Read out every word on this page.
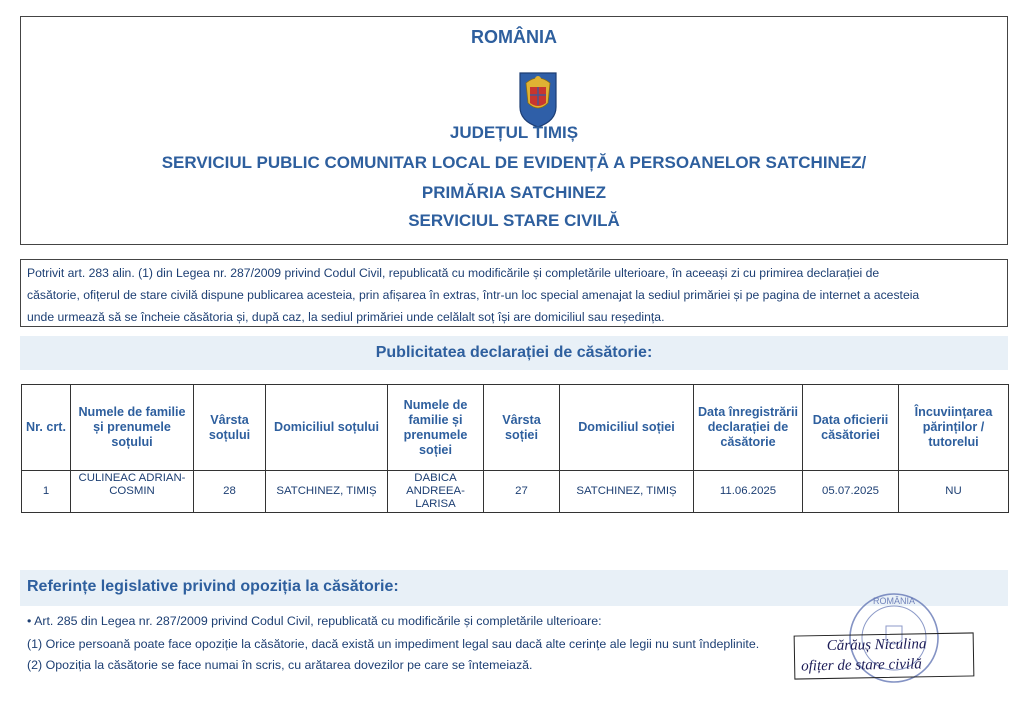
ROMÂNIA
JUDEȚUL TIMIȘ
SERVICIUL PUBLIC COMUNITAR LOCAL DE EVIDENȚĂ A PERSOANELOR SATCHINEZ/
PRIMĂRIA SATCHINEZ
SERVICIUL STARE CIVILĂ
Potrivit art. 283 alin. (1) din Legea nr. 287/2009 privind Codul Civil, republicată cu modificările și completările ulterioare, în aceeași zi cu primirea declarației de
căsătorie, ofițerul de stare civilă dispune publicarea acesteia, prin afișarea în extras, într-un loc special amenajat la sediul primăriei și pe pagina de internet a acesteia
unde urmează să se încheie căsătoria și, după caz, la sediul primăriei unde celălalt soț își are domiciliul sau reședința.
Publicitatea declarației de căsătorie:
Nr. crt.	Numele de familie și prenumele soțului	Vârsta soțului	Domiciliul soțului	Numele de familie și prenumele soției	Vârsta soției	Domiciliul soției	Data înregistrării declarației de căsătorie	Data oficierii căsătoriei	Încuviințarea părinților / tutorelui
1	CULINEAC ADRIAN-COSMIN	28	SATCHINEZ, TIMIȘ	DABICA ANDREEA-LARISA	27	SATCHINEZ, TIMIȘ	11.06.2025	05.07.2025	NU
Referințe legislative privind opoziția la căsătorie:
• Art. 285 din Legea nr. 287/2009 privind Codul Civil, republicată cu modificările și completările ulterioare:
(1) Orice persoană poate face opoziție la căsătorie, dacă există un impediment legal sau dacă alte cerințe ale legii nu sunt îndeplinite.
(2) Opoziția la căsătorie se face numai în scris, cu arătarea dovezilor pe care se întemeiază.
ROMÂNIA
Cărăuș Niculina
ofițer de stare civilă
